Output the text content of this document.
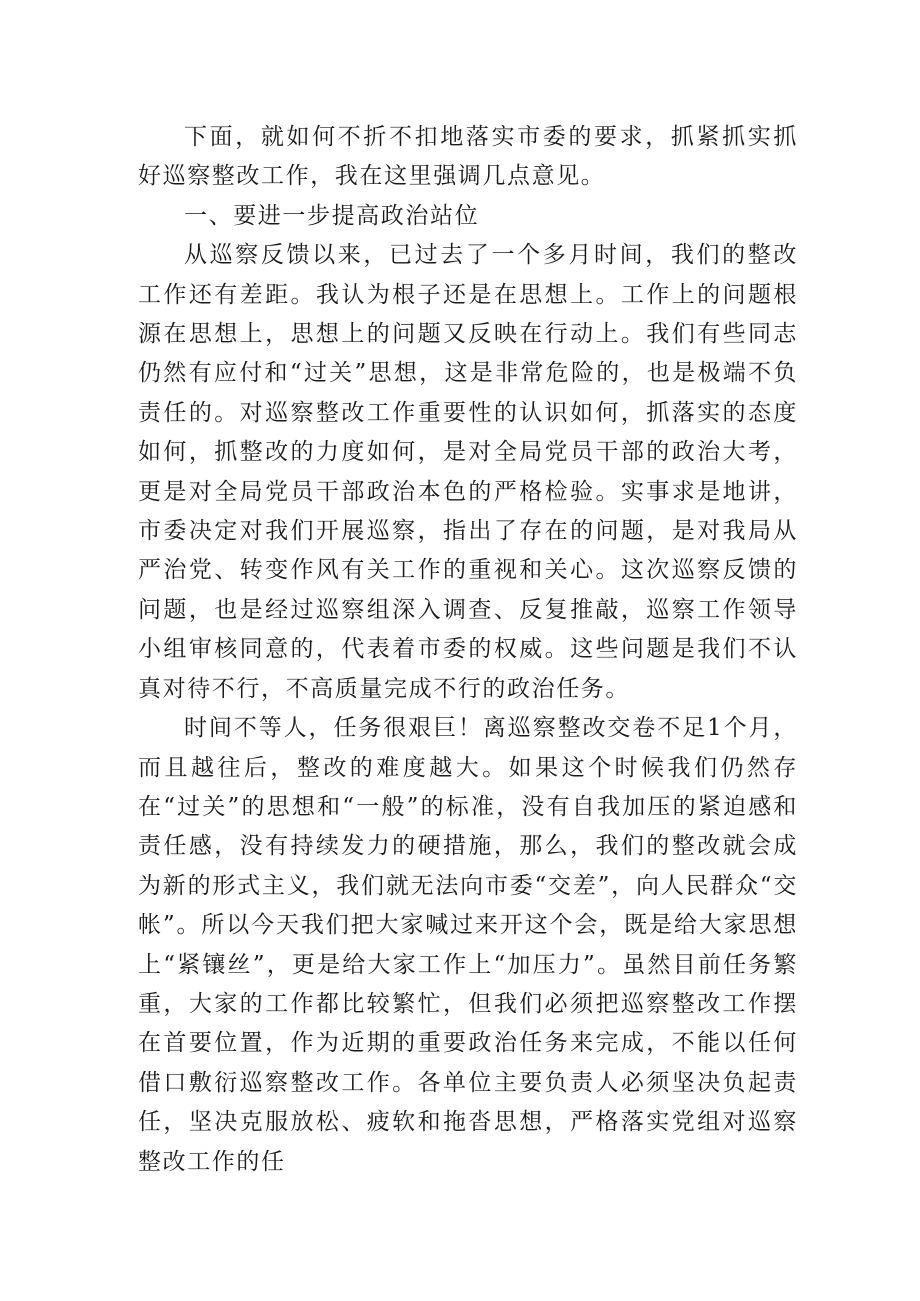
下面，就如何不折不扣地落实市委的要求，抓紧抓实抓好巡察整改工作，我在这里强调几点意见。

一、要进一步提高政治站位

从巡察反馈以来，已过去了一个多月时间，我们的整改工作还有差距。我认为根子还是在思想上。工作上的问题根源在思想上，思想上的问题又反映在行动上。我们有些同志仍然有应付和“过关”思想，这是非常危险的，也是极端不负责任的。对巡察整改工作重要性的认识如何，抓落实的态度如何，抓整改的力度如何，是对全局党员干部的政治大考，更是对全局党员干部政治本色的严格检验。实事求是地讲，市委决定对我们开展巡察，指出了存在的问题，是对我局从严治党、转变作风有关工作的重视和关心。这次巡察反馈的问题，也是经过巡察组深入调查、反复推敲，巡察工作领导小组审核同意的，代表着市委的权威。这些问题是我们不认真对待不行，不高质量完成不行的政治任务。

时间不等人，任务很艰巨！离巡察整改交卷不足1个月，而且越往后，整改的难度越大。如果这个时候我们仍然存在“过关”的思想和“一般”的标准，没有自我加压的紧迫感和责任感，没有持续发力的硬措施，那么，我们的整改就会成为新的形式主义，我们就无法向市委“交差”，向人民群众“交帐”。所以今天我们把大家喊过来开这个会，既是给大家思想上“紧镶丝”，更是给大家工作上“加压力”。虽然目前任务繁重，大家的工作都比较繁忙，但我们必须把巡察整改工作摆在首要位置，作为近期的重要政治任务来完成，不能以任何借口敷衍巡察整改工作。各单位主要负责人必须坚决负起责任，坚决克服放松、疲软和拖沓思想，严格落实党组对巡察整改工作的任
